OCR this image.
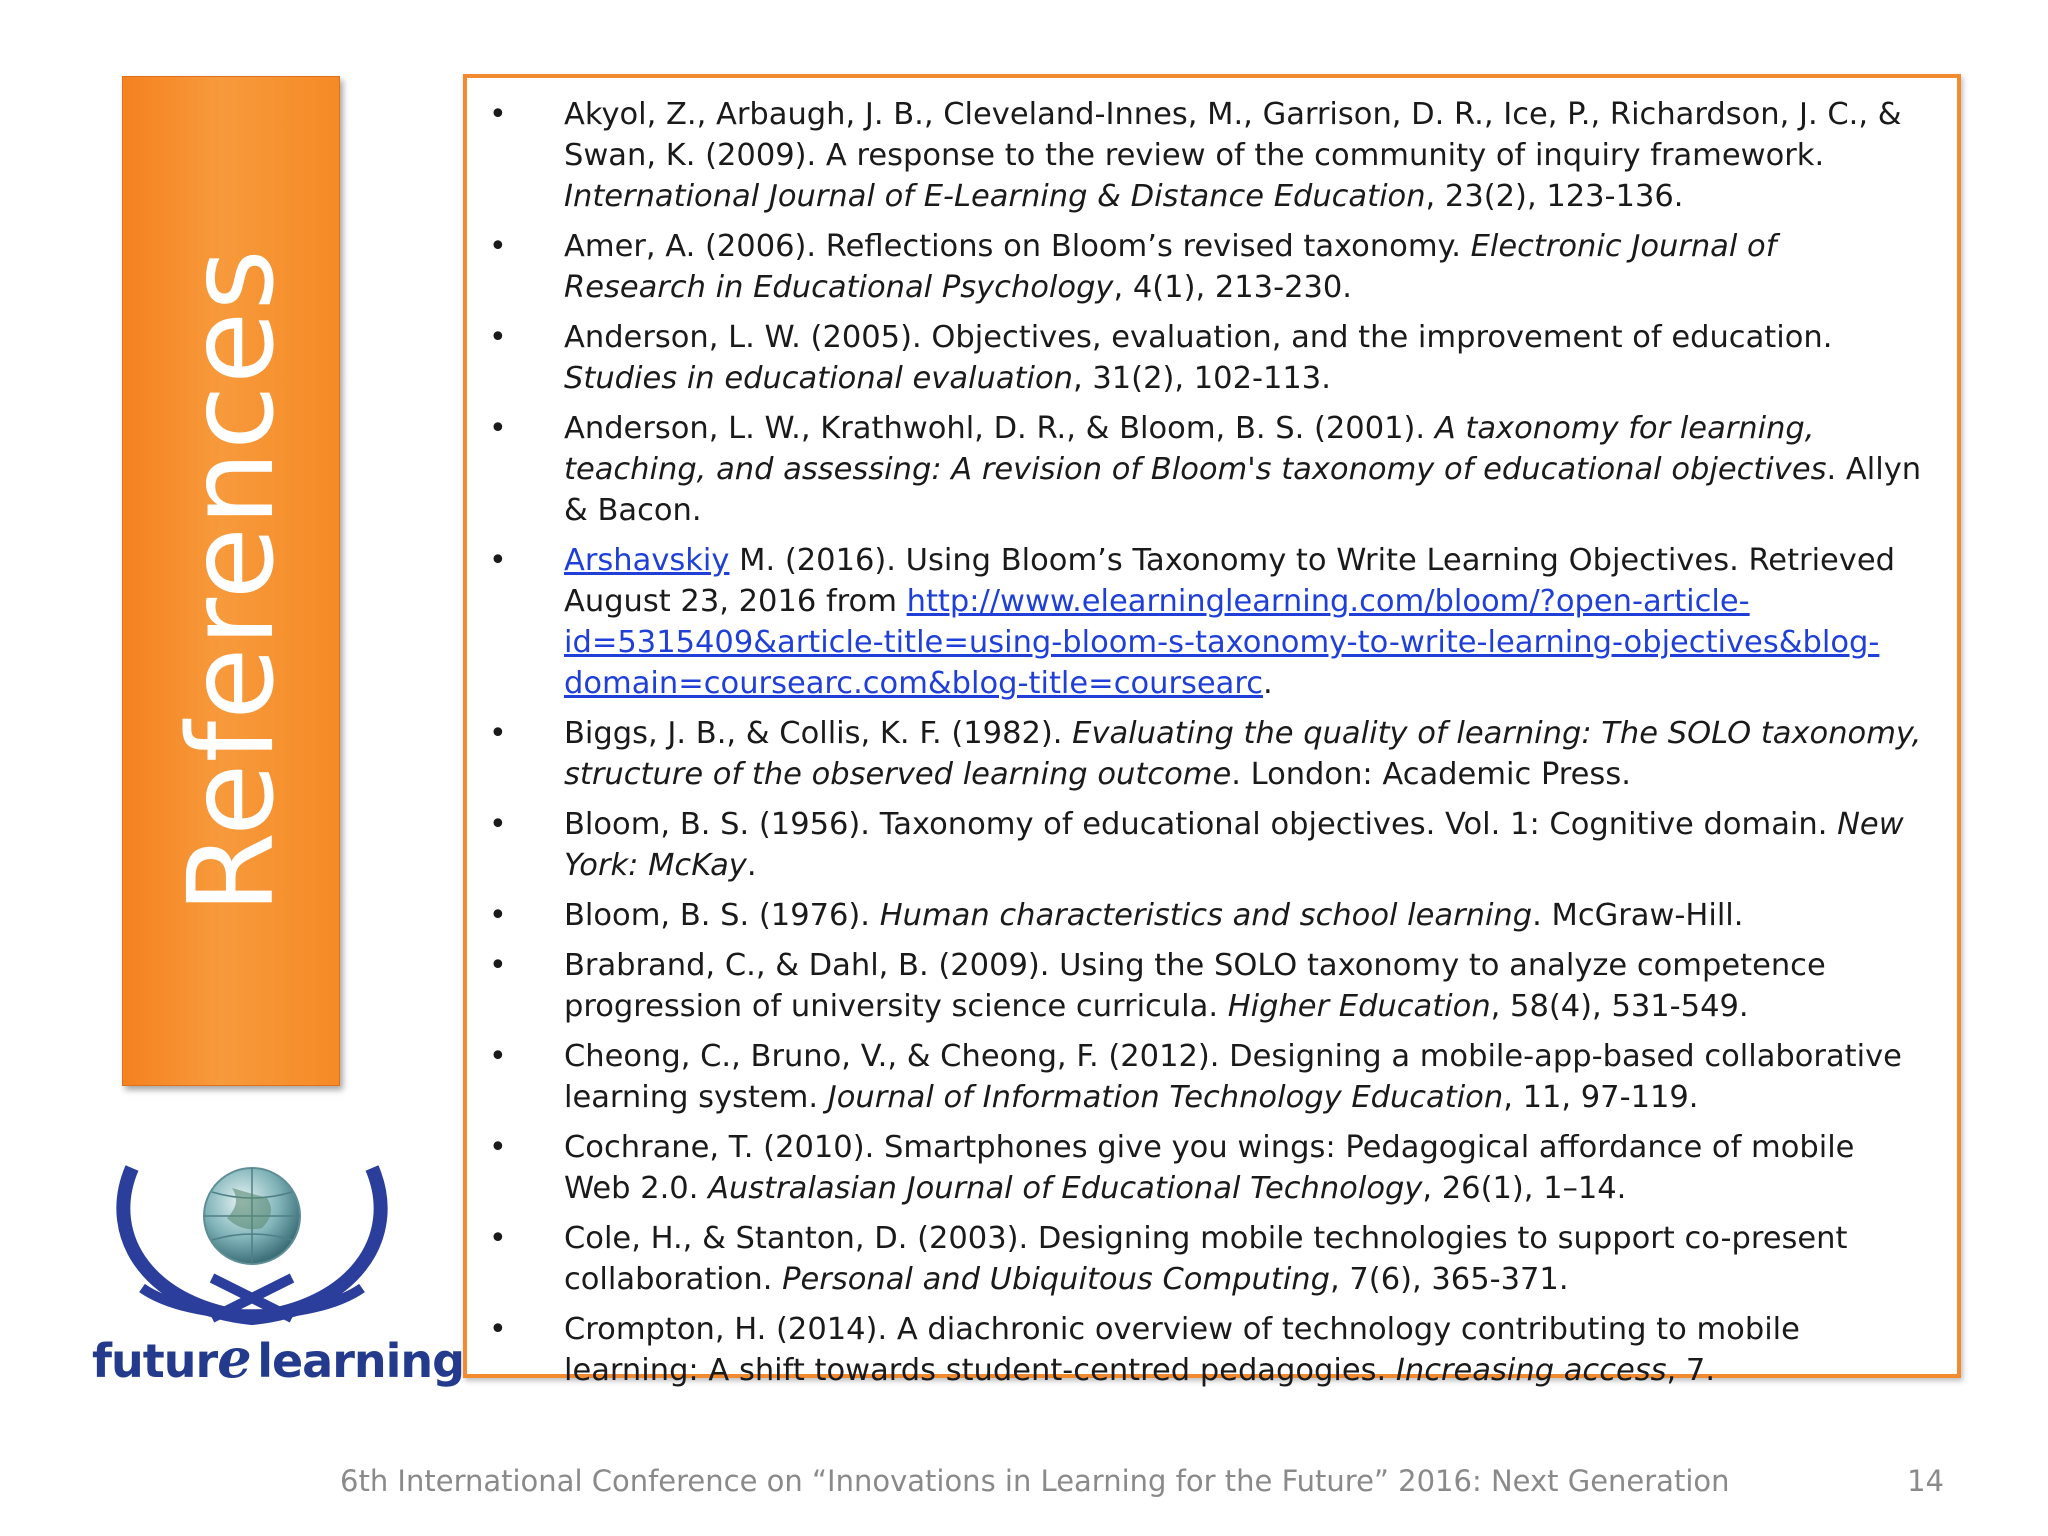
References
future learning
• Akyol, Z., Arbaugh, J. B., Cleveland-Innes, M., Garrison, D. R., Ice, P., Richardson, J. C., & Swan, K. (2009). A response to the review of the community of inquiry framework. International Journal of E-Learning & Distance Education, 23(2), 123-136.
• Amer, A. (2006). Reflections on Bloom’s revised taxonomy. Electronic Journal of Research in Educational Psychology, 4(1), 213-230.
• Anderson, L. W. (2005). Objectives, evaluation, and the improvement of education. Studies in educational evaluation, 31(2), 102-113.
• Anderson, L. W., Krathwohl, D. R., & Bloom, B. S. (2001). A taxonomy for learning, teaching, and assessing: A revision of Bloom's taxonomy of educational objectives. Allyn & Bacon.
• Arshavskiy M. (2016). Using Bloom’s Taxonomy to Write Learning Objectives. Retrieved August 23, 2016 from http://www.elearninglearning.com/bloom/?open-article-id=5315409&article-title=using-bloom-s-taxonomy-to-write-learning-objectives&blog-domain=coursearc.com&blog-title=coursearc.
• Biggs, J. B., & Collis, K. F. (1982). Evaluating the quality of learning: The SOLO taxonomy, structure of the observed learning outcome. London: Academic Press.
• Bloom, B. S. (1956). Taxonomy of educational objectives. Vol. 1: Cognitive domain. New York: McKay.
• Bloom, B. S. (1976). Human characteristics and school learning. McGraw-Hill.
• Brabrand, C., & Dahl, B. (2009). Using the SOLO taxonomy to analyze competence progression of university science curricula. Higher Education, 58(4), 531-549.
• Cheong, C., Bruno, V., & Cheong, F. (2012). Designing a mobile-app-based collaborative learning system. Journal of Information Technology Education, 11, 97-119.
• Cochrane, T. (2010). Smartphones give you wings: Pedagogical affordance of mobile Web 2.0. Australasian Journal of Educational Technology, 26(1), 1–14.
• Cole, H., & Stanton, D. (2003). Designing mobile technologies to support co-present collaboration. Personal and Ubiquitous Computing, 7(6), 365-371.
• Crompton, H. (2014). A diachronic overview of technology contributing to mobile learning: A shift towards student-centred pedagogies. Increasing access, 7.
6th International Conference on “Innovations in Learning for the Future” 2016: Next Generation	14
